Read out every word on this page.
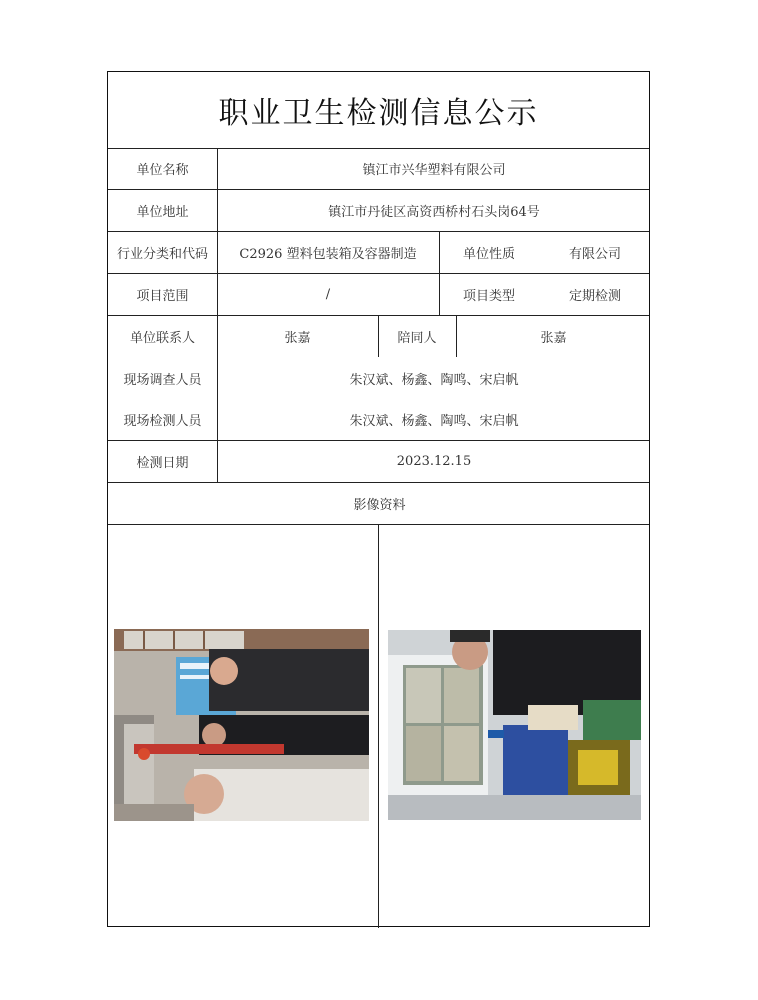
职业卫生检测信息公示
单位名称	镇江市兴华塑料有限公司
单位地址	镇江市丹徒区高资西桥村石头岗64号
行业分类和代码	C2926 塑料包装箱及容器制造	单位性质	有限公司
项目范围	/	项目类型	定期检测
单位联系人	张嘉	陪同人	张嘉
现场调查人员	朱汉斌、杨鑫、陶鸣、宋启帆
现场检测人员	朱汉斌、杨鑫、陶鸣、宋启帆
检测日期	2023.12.15
影像资料
